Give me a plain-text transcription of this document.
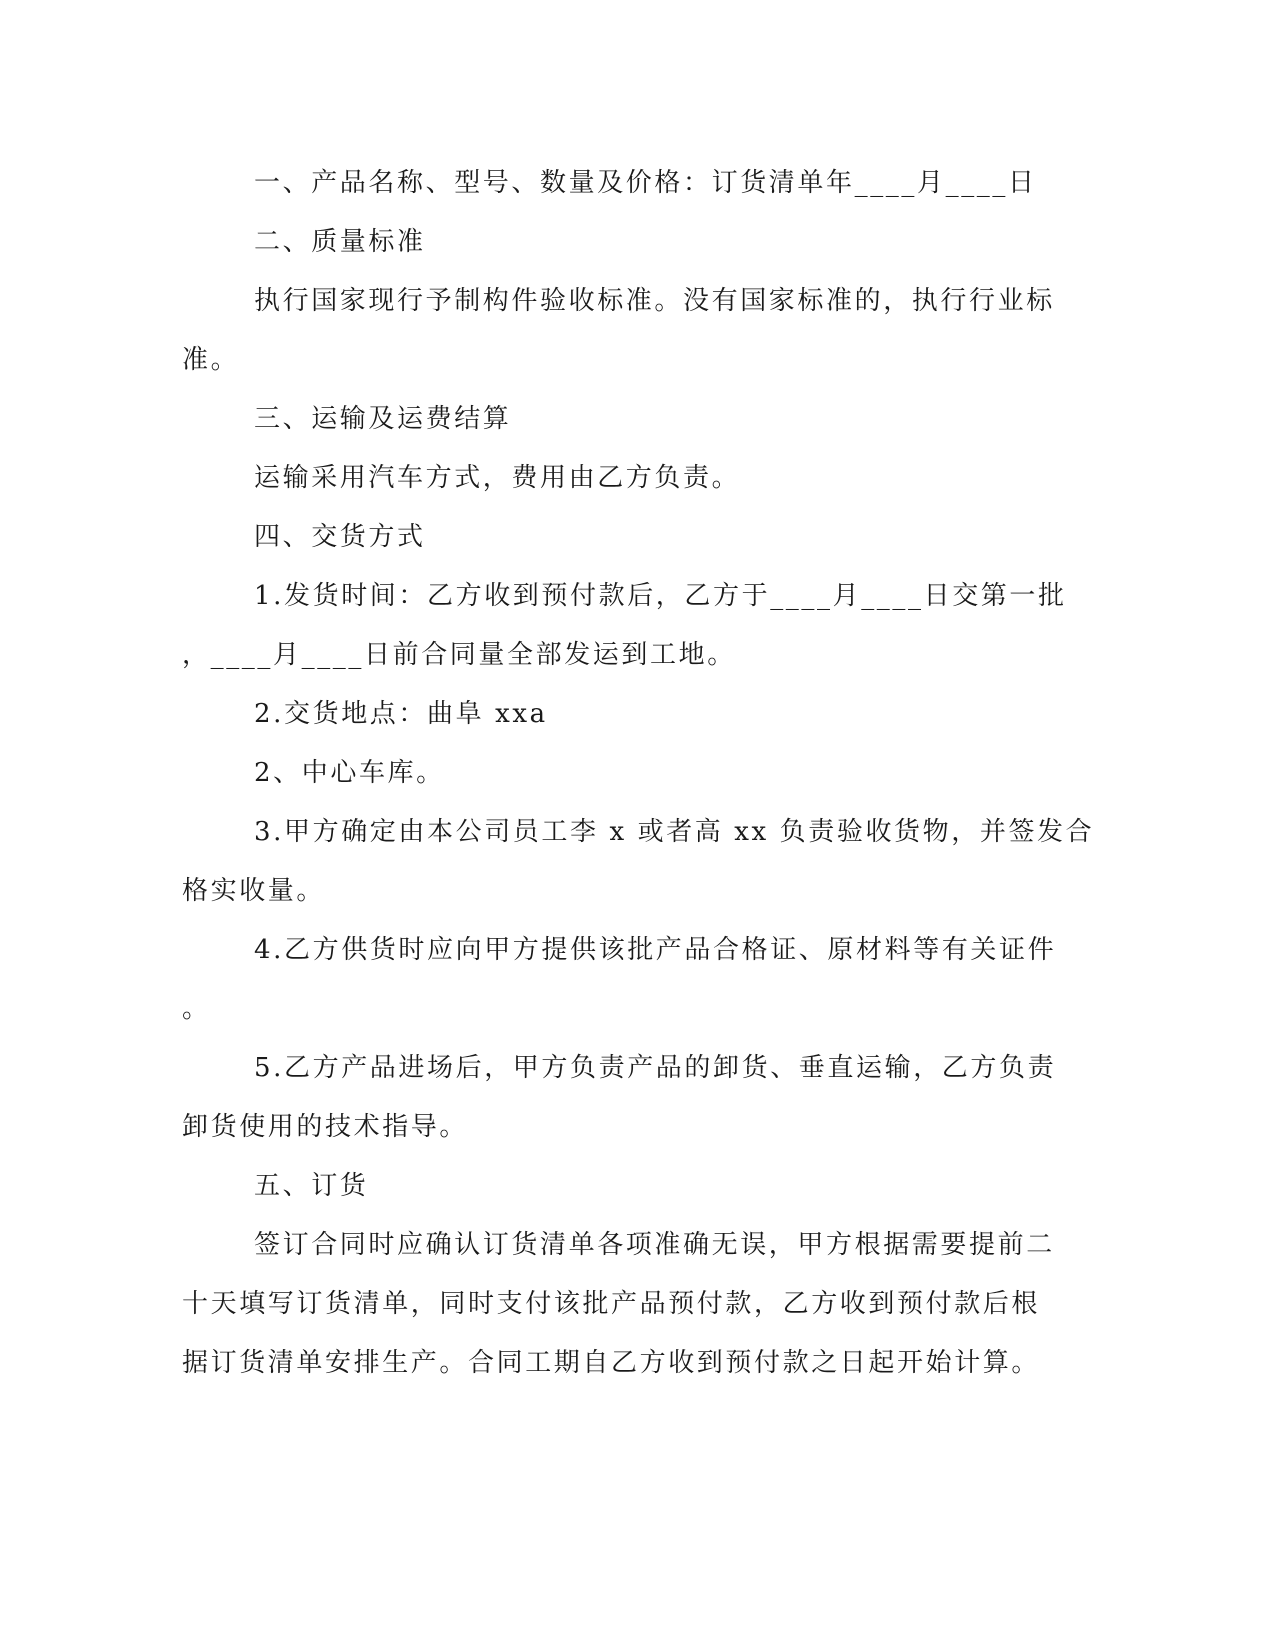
一、产品名称、型号、数量及价格：订货清单年____月____日
二、质量标准
执行国家现行予制构件验收标准。没有国家标准的，执行行业标
准。
三、运输及运费结算
运输采用汽车方式，费用由乙方负责。
四、交货方式
1.发货时间：乙方收到预付款后，乙方于____月____日交第一批
，____月____日前合同量全部发运到工地。
2.交货地点：曲阜 xxa
2、中心车库。
3.甲方确定由本公司员工李 x 或者高 xx 负责验收货物，并签发合
格实收量。
4.乙方供货时应向甲方提供该批产品合格证、原材料等有关证件
。
5.乙方产品进场后，甲方负责产品的卸货、垂直运输，乙方负责
卸货使用的技术指导。
五、订货
签订合同时应确认订货清单各项准确无误，甲方根据需要提前二
十天填写订货清单，同时支付该批产品预付款，乙方收到预付款后根
据订货清单安排生产。合同工期自乙方收到预付款之日起开始计算。
